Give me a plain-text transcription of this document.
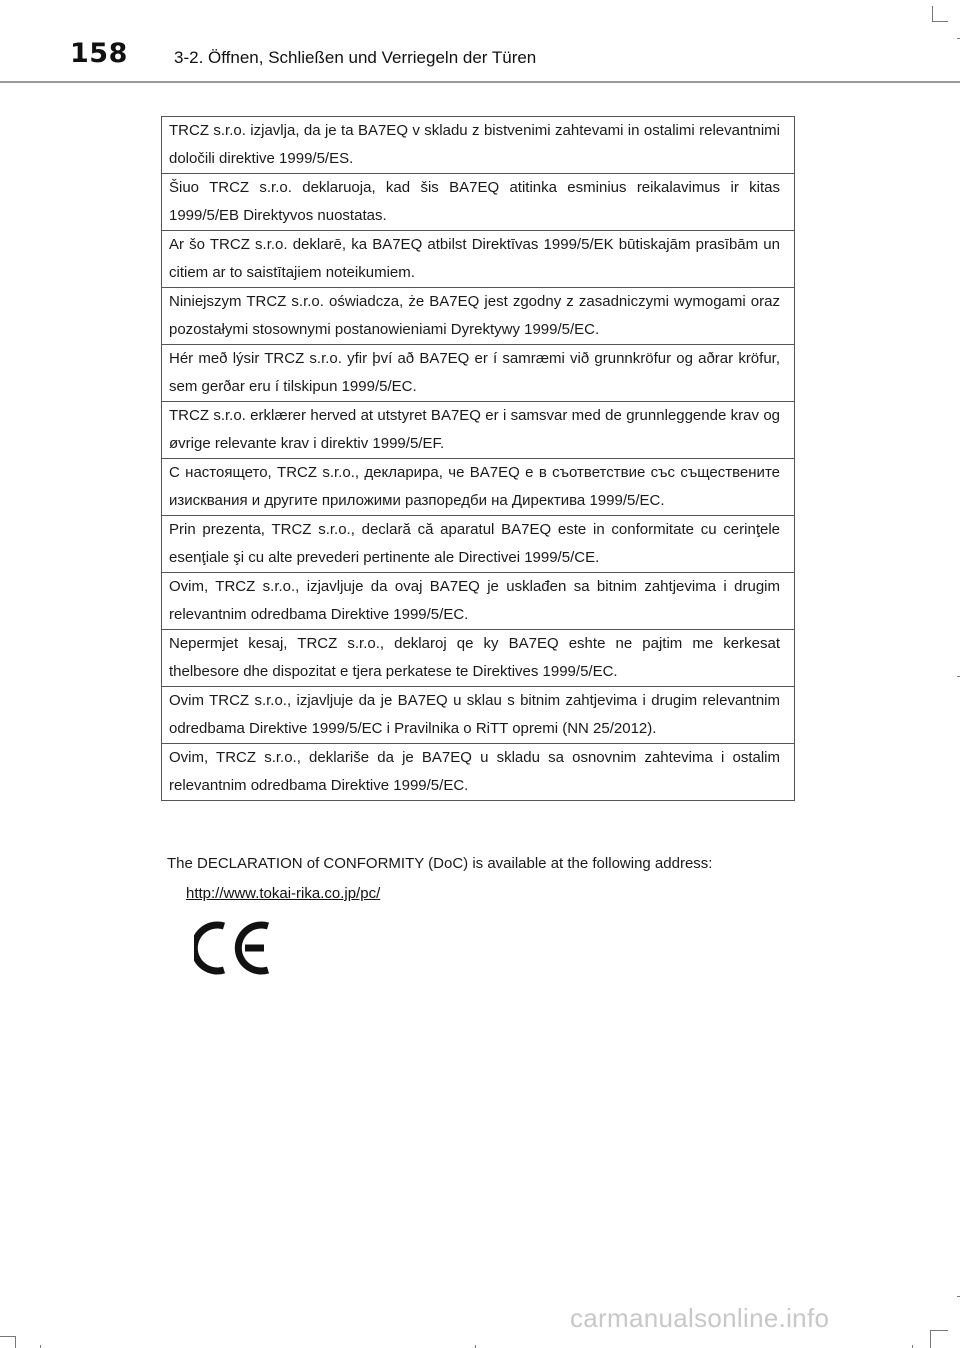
158	3-2. Öffnen, Schließen und Verriegeln der Türen
TRCZ s.r.o. izjavlja, da je ta BA7EQ v skladu z bistvenimi zahtevami in ostalimi relevantnimi določili direktive 1999/5/ES.
Šiuo TRCZ s.r.o. deklaruoja, kad šis BA7EQ atitinka esminius reikalavimus ir kitas 1999/5/EB Direktyvos nuostatas.
Ar šo TRCZ s.r.o. deklarē, ka BA7EQ atbilst Direktīvas 1999/5/EK būtiskajām prasībām un citiem ar to saistītajiem noteikumiem.
Niniejszym TRCZ s.r.o. oświadcza, że BA7EQ jest zgodny z zasadniczymi wymogami oraz pozostałymi stosownymi postanowieniami Dyrektywy 1999/5/EC.
Hér með lýsir TRCZ s.r.o. yfir því að BA7EQ er í samræmi við grunnkröfur og aðrar kröfur, sem gerðar eru í tilskipun 1999/5/EC.
TRCZ s.r.o. erklærer herved at utstyret BA7EQ er i samsvar med de grunnleggende krav og øvrige relevante krav i direktiv 1999/5/EF.
С настоящето, TRCZ s.r.o., декларира, че BA7EQ е в съответствие със съществените изисквания и другите приложими разпоредби на Директива 1999/5/EC.
Prin prezenta, TRCZ s.r.o., declară că aparatul BA7EQ este in conformitate cu cerinţele esenţiale şi cu alte prevederi pertinente ale Directivei 1999/5/CE.
Ovim, TRCZ s.r.o., izjavljuje da ovaj BA7EQ je usklađen sa bitnim zahtjevima i drugim relevantnim odredbama Direktive 1999/5/EC.
Nepermjet kesaj, TRCZ s.r.o., deklaroj qe ky BA7EQ eshte ne pajtim me kerkesat thelbesore dhe dispozitat e tjera perkatese te Direktives 1999/5/EC.
Ovim TRCZ s.r.o., izjavljuje da je BA7EQ u sklau s bitnim zahtjevima i drugim relevantnim odredbama Direktive 1999/5/EC i Pravilnika o RiTT opremi (NN 25/2012).
Ovim, TRCZ s.r.o., deklariše da je BA7EQ u skladu sa osnovnim zahtevima i ostalim relevantnim odredbama Direktive 1999/5/EC.
The DECLARATION of CONFORMITY (DoC) is available at the following address:
http://www.tokai-rika.co.jp/pc/
carmanualsonline.info
